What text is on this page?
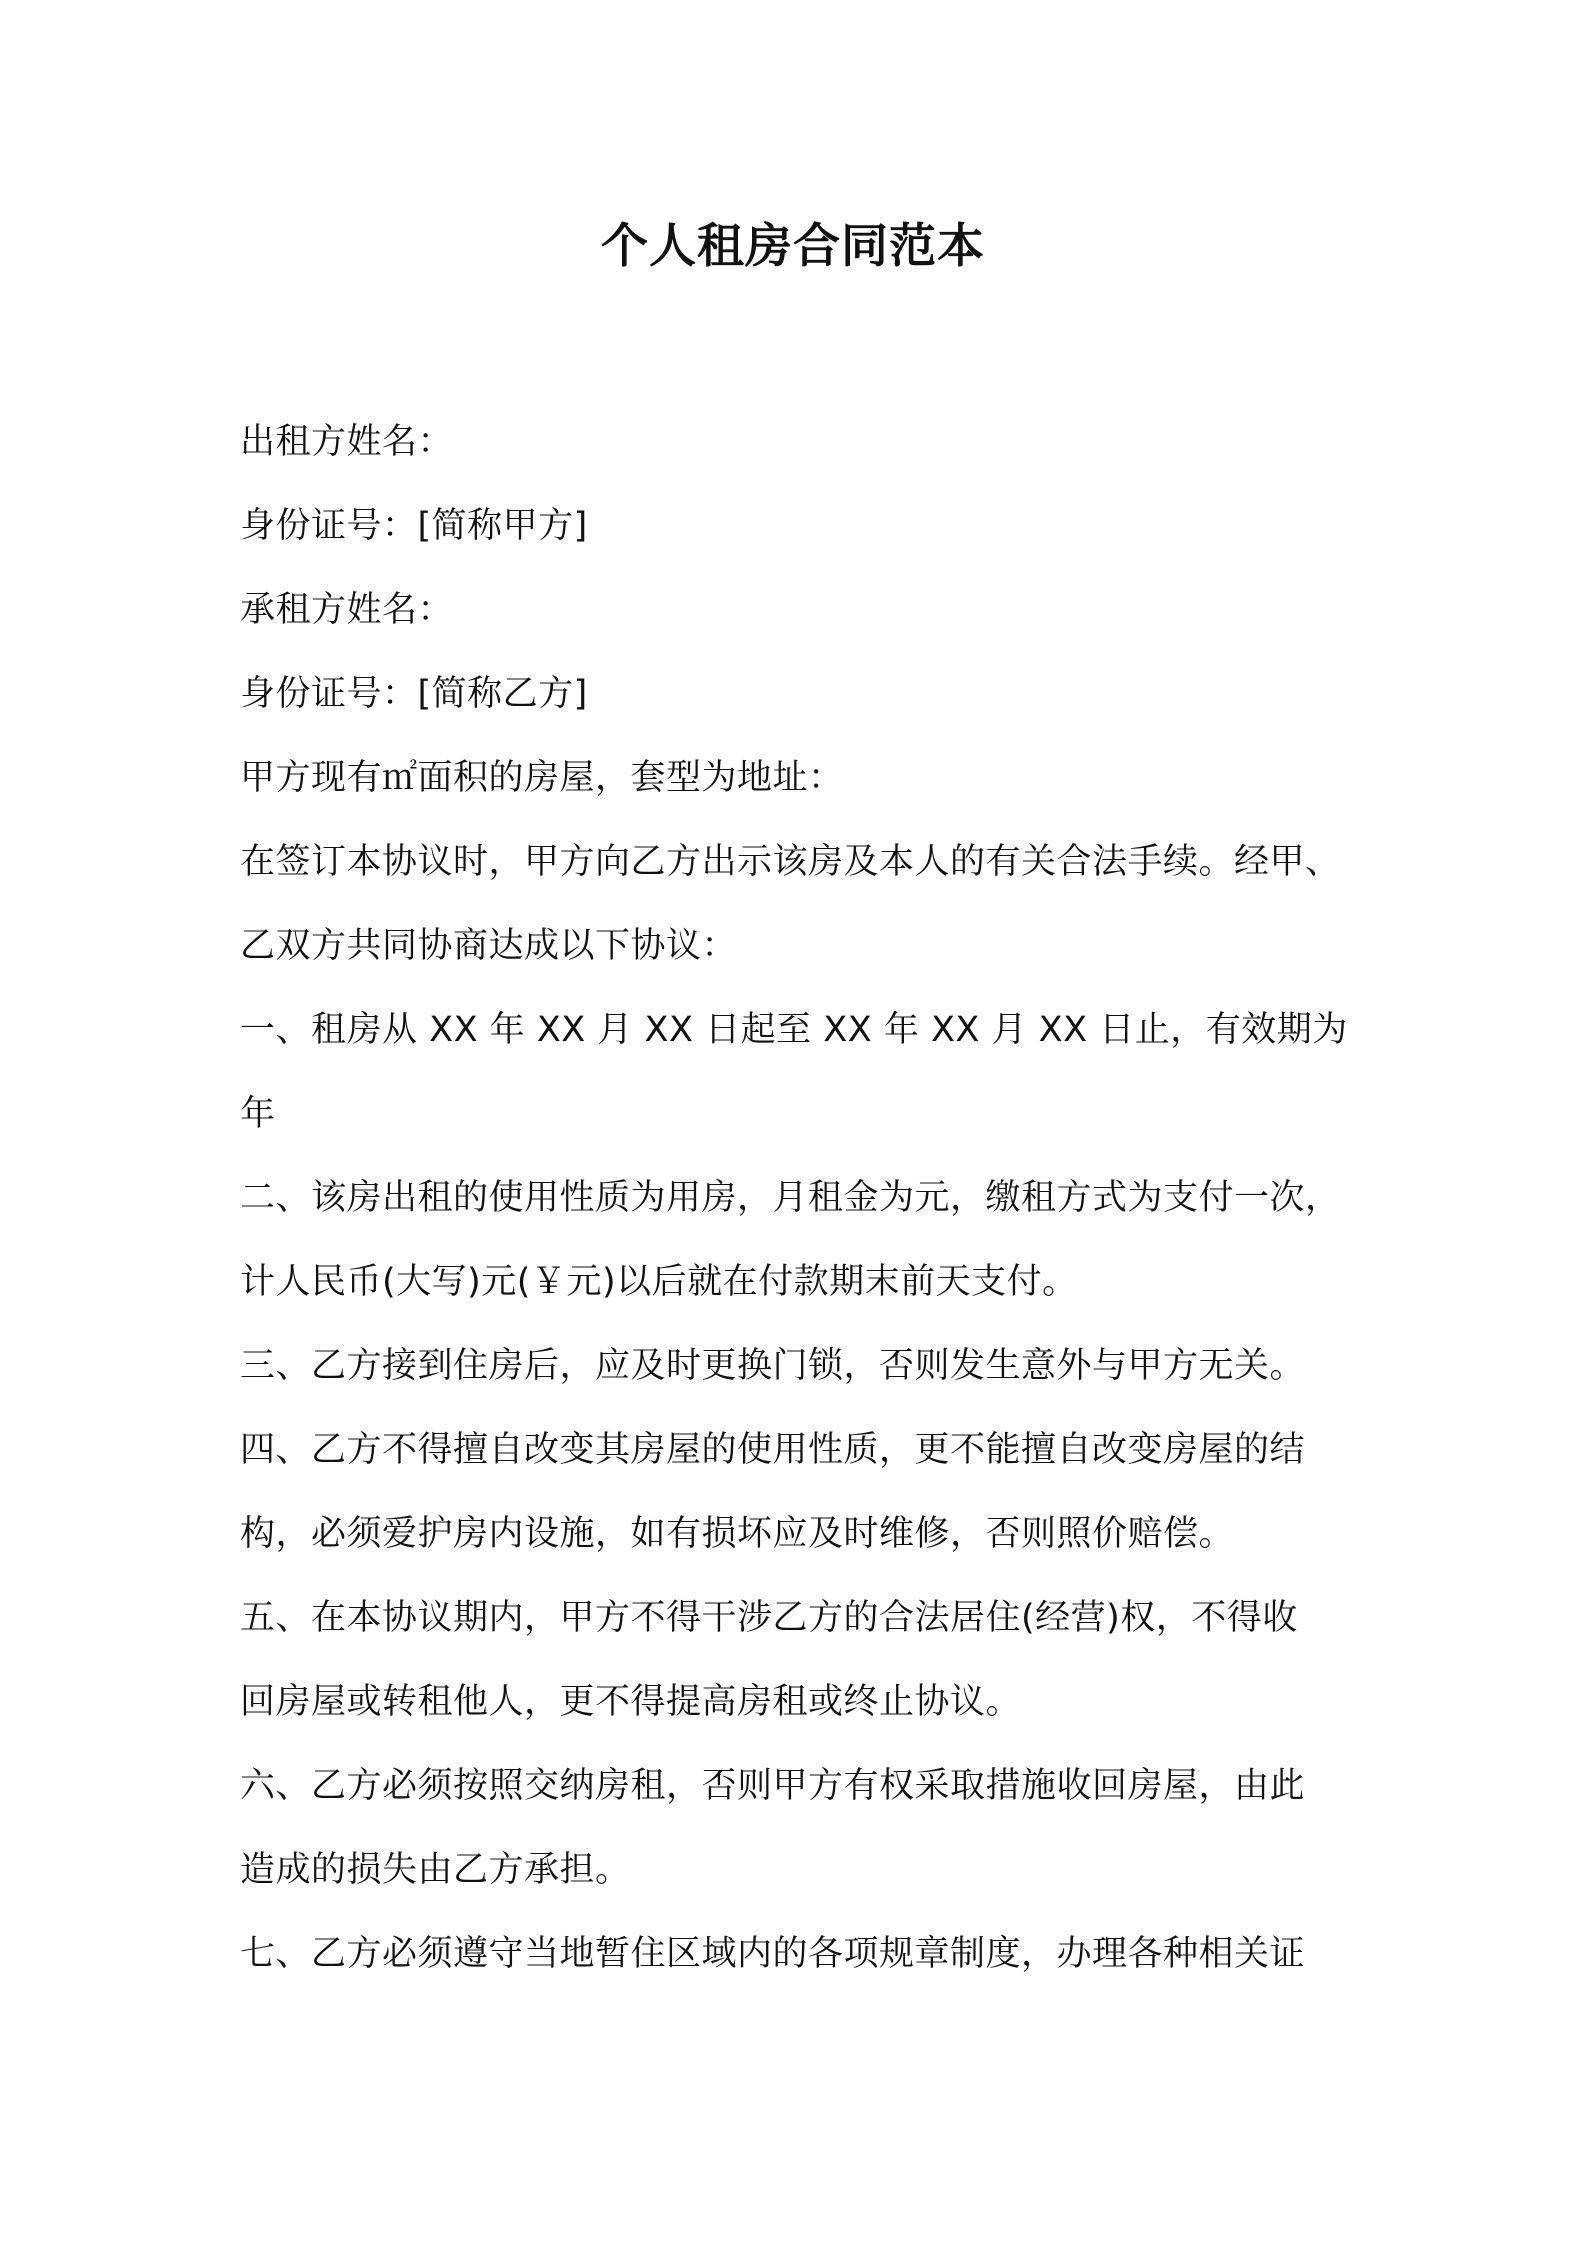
个人租房合同范本
出租方姓名：
身份证号：[简称甲方]
承租方姓名：
身份证号：[简称乙方]
甲方现有㎡面积的房屋，套型为地址：
在签订本协议时，甲方向乙方出示该房及本人的有关合法手续。经甲、
乙双方共同协商达成以下协议：
一、租房从 XX 年 XX 月 XX 日起至 XX 年 XX 月 XX 日止，有效期为
年
二、该房出租的使用性质为用房，月租金为元，缴租方式为支付一次，
计人民币(大写)元(￥元)以后就在付款期末前天支付。
三、乙方接到住房后，应及时更换门锁，否则发生意外与甲方无关。
四、乙方不得擅自改变其房屋的使用性质，更不能擅自改变房屋的结
构，必须爱护房内设施，如有损坏应及时维修，否则照价赔偿。
五、在本协议期内，甲方不得干涉乙方的合法居住(经营)权，不得收
回房屋或转租他人，更不得提高房租或终止协议。
六、乙方必须按照交纳房租，否则甲方有权采取措施收回房屋，由此
造成的损失由乙方承担。
七、乙方必须遵守当地暂住区域内的各项规章制度，办理各种相关证
